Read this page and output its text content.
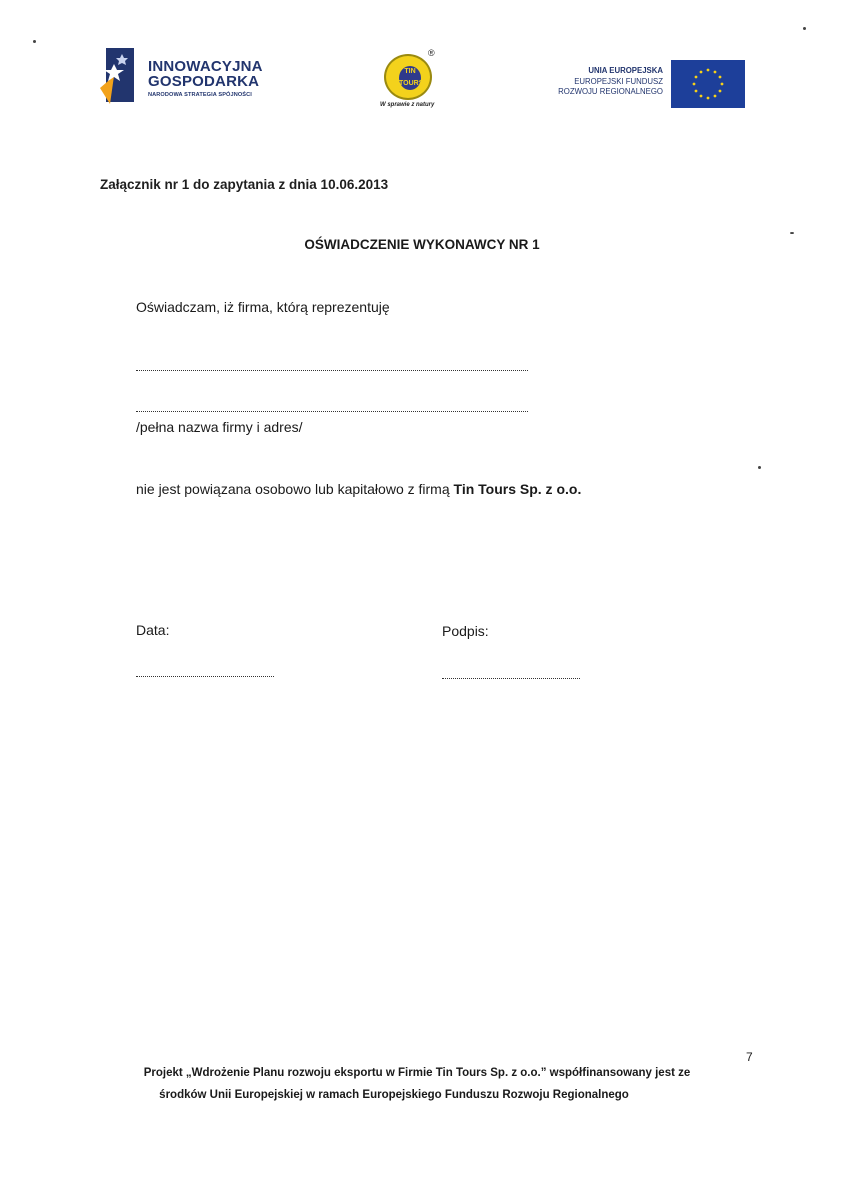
INNOWACYJNA
GOSPODARKA
NARODOWA STRATEGIA SPÓJNOŚCI
®
TIN TOURS
W sprawie z natury
UNIA EUROPEJSKA
EUROPEJSKI FUNDUSZ
ROZWOJU REGIONALNEGO
Załącznik nr 1 do zapytania z dnia 10.06.2013
OŚWIADCZENIE WYKONAWCY NR 1
Oświadczam, iż firma, którą reprezentuję
/pełna nazwa firmy i adres/
nie jest powiązana osobowo lub kapitałowo z firmą Tin Tours Sp. z o.o.
Data:	Podpis:
7
Projekt „Wdrożenie Planu rozwoju eksportu w Firmie Tin Tours Sp. z o.o.” współfinansowany jest ze
środków Unii Europejskiej w ramach Europejskiego Funduszu Rozwoju Regionalnego
